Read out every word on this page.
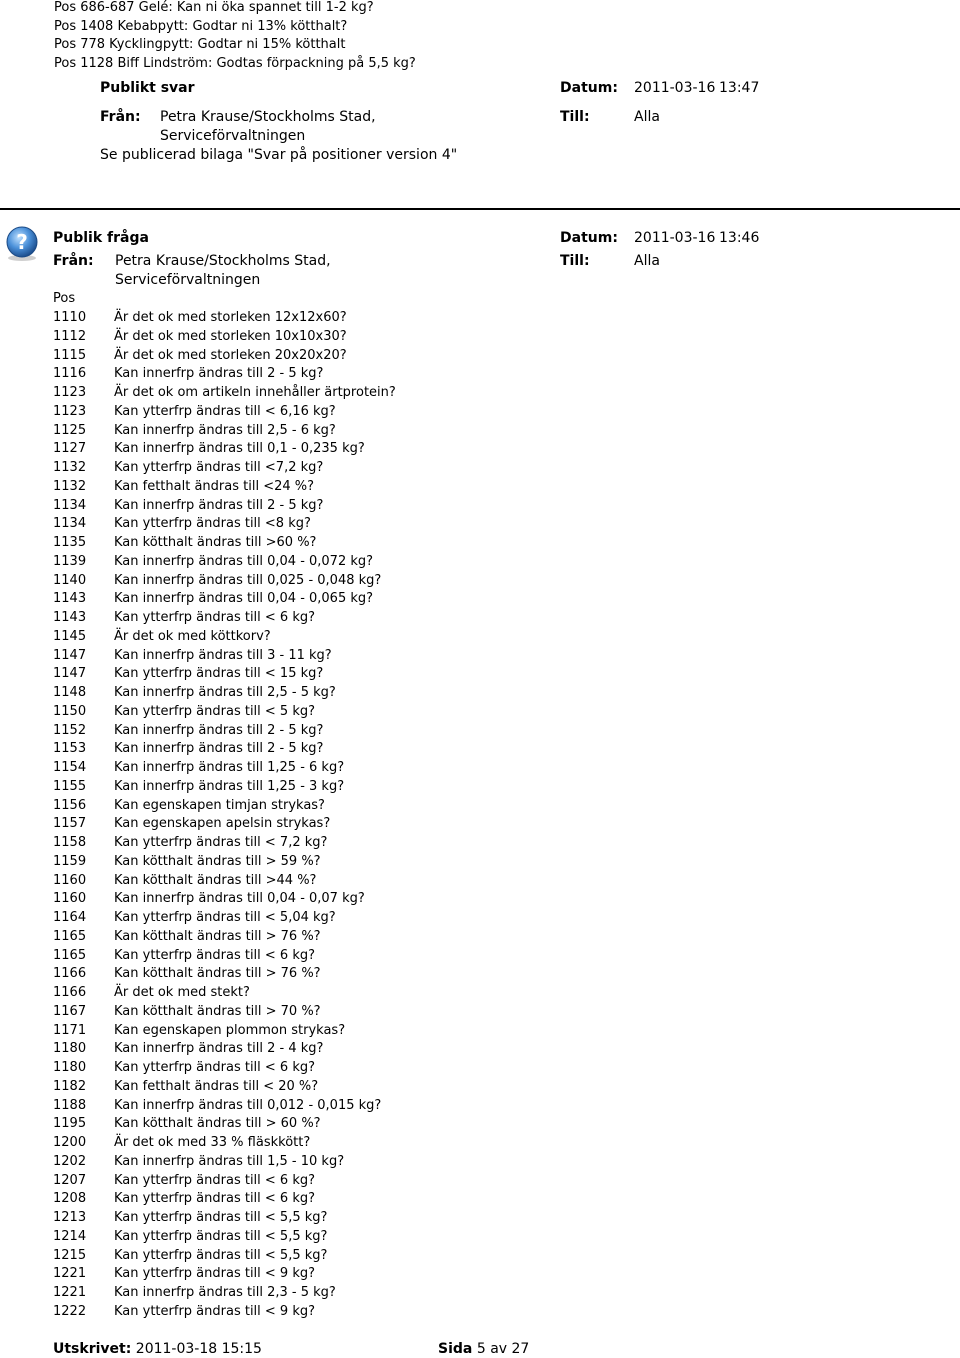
Pos 686-687 Gelé: Kan ni öka spannet till 1-2 kg?
Pos 1408 Kebabpytt: Godtar ni 13% kötthalt?
Pos 778 Kycklingpytt: Godtar ni 15% kötthalt
Pos 1128 Biff Lindström: Godtas förpackning på 5,5 kg?
Publikt svar	Datum: 2011-03-16 13:47
Från: Petra Krause/Stockholms Stad,
Serviceförvaltningen
Till:	Alla
Se publicerad bilaga "Svar på positioner version 4"
? Publik fråga	Datum: 2011-03-16 13:46
Från: Petra Krause/Stockholms Stad,
Serviceförvaltningen
Till:	Alla
Pos
1110 Är det ok med storleken 12x12x60?
1112 Är det ok med storleken 10x10x30?
1115 Är det ok med storleken 20x20x20?
1116 Kan innerfrp ändras till 2 - 5 kg?
1123 Är det ok om artikeln innehåller ärtprotein?
1123 Kan ytterfrp ändras till < 6,16 kg?
1125 Kan innerfrp ändras till 2,5 - 6 kg?
1127 Kan innerfrp ändras till 0,1 - 0,235 kg?
1132 Kan ytterfrp ändras till <7,2 kg?
1132 Kan fetthalt ändras till <24 %?
1134 Kan innerfrp ändras till 2 - 5 kg?
1134 Kan ytterfrp ändras till <8 kg?
1135 Kan kötthalt ändras till >60 %?
1139 Kan innerfrp ändras till 0,04 - 0,072 kg?
1140 Kan innerfrp ändras till 0,025 - 0,048 kg?
1143 Kan innerfrp ändras till 0,04 - 0,065 kg?
1143 Kan ytterfrp ändras till < 6 kg?
1145 Är det ok med köttkorv?
1147 Kan innerfrp ändras till 3 - 11 kg?
1147 Kan ytterfrp ändras till < 15 kg?
1148 Kan innerfrp ändras till 2,5 - 5 kg?
1150 Kan ytterfrp ändras till < 5 kg?
1152 Kan innerfrp ändras till 2 - 5 kg?
1153 Kan innerfrp ändras till 2 - 5 kg?
1154 Kan innerfrp ändras till 1,25 - 6 kg?
1155 Kan innerfrp ändras till 1,25 - 3 kg?
1156 Kan egenskapen timjan strykas?
1157 Kan egenskapen apelsin strykas?
1158 Kan ytterfrp ändras till < 7,2 kg?
1159 Kan kötthalt ändras till > 59 %?
1160 Kan kötthalt ändras till >44 %?
1160 Kan innerfrp ändras till 0,04 - 0,07 kg?
1164 Kan ytterfrp ändras till < 5,04 kg?
1165 Kan kötthalt ändras till > 76 %?
1165 Kan ytterfrp ändras till < 6 kg?
1166 Kan kötthalt ändras till > 76 %?
1166 Är det ok med stekt?
1167 Kan kötthalt ändras till > 70 %?
1171 Kan egenskapen plommon strykas?
1180 Kan innerfrp ändras till 2 - 4 kg?
1180 Kan ytterfrp ändras till < 6 kg?
1182 Kan fetthalt ändras till < 20 %?
1188 Kan innerfrp ändras till 0,012 - 0,015 kg?
1195 Kan kötthalt ändras till > 60 %?
1200 Är det ok med 33 % fläskkött?
1202 Kan innerfrp ändras till 1,5 - 10 kg?
1207 Kan ytterfrp ändras till < 6 kg?
1208 Kan ytterfrp ändras till < 6 kg?
1213 Kan ytterfrp ändras till < 5,5 kg?
1214 Kan ytterfrp ändras till < 5,5 kg?
1215 Kan ytterfrp ändras till < 5,5 kg?
1221 Kan ytterfrp ändras till < 9 kg?
1221 Kan innerfrp ändras till 2,3 - 5 kg?
1222 Kan ytterfrp ändras till < 9 kg?
Utskrivet: 2011-03-18 15:15	Sida 5 av 27
